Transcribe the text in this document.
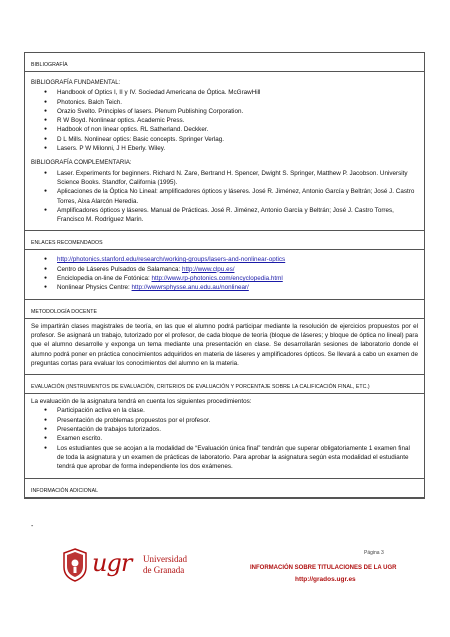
BIBLIOGRAFÍA
BIBLIOGRAFÍA FUNDAMENTAL:
● Handbook of Optics I, II y IV. Sociedad Americana de Óptica. McGrawHill
● Photonics. Balch Teich.
● Orazio Svelto. Principles of lasers. Plenum Publishing Corporation.
● R W Boyd. Nonlinear optics. Academic Press.
● Hadbook of non linear optics. RL Satherland. Deckker.
● D L Mills. Nonlinear optics: Basic concepts. Springer Verlag.
● Lasers. P W Milonni, J H Eberly. Wiley.
BIBLIOGRAFÍA COMPLEMENTARIA:
● Laser. Experiments for beginners. Richard N. Zare, Bertrand H. Spencer, Dwight S. Springer, Matthew P. Jacobson. University Science Books. Standfor, California (1995).
● Aplicaciones de la Óptica No Lineal: amplificadores ópticos y láseres. José R. Jiménez, Antonio García y Beltrán; José J. Castro Torres, Aixa Alarcón Heredia.
● Amplificadores ópticos y láseres. Manual de Prácticas. José R. Jiménez, Antonio García y Beltrán; José J. Castro Torres, Francisco M. Rodríguez Marín.
ENLACES RECOMENDADOS
● http://photonics.stanford.edu/research/working-groups/lasers-and-nonlinear-optics
● Centro de Láseres Pulsados de Salamanca: http://www.clpu.es/
● Enciclopedia on-line de Fotónica: http://www.rp-photonics.com/encyclopedia.html
● Nonlinear Physics Centre: http://wwwrsphysse.anu.edu.au/nonlinear/
METODOLOGÍA DOCENTE
Se impartirán clases magistrales de teoría, en las que el alumno podrá participar mediante la resolución de ejercicios propuestos por el profesor. Se asignará un trabajo, tutorizado por el profesor, de cada bloque de teoría (bloque de láseres; y bloque de óptica no lineal) para que el alumno desarrolle y exponga un tema mediante una presentación en clase. Se desarrollarán sesiones de laboratorio donde el alumno podrá poner en práctica conocimientos adquiridos en materia de láseres y amplificadores ópticos. Se llevará a cabo un examen de preguntas cortas para evaluar los conocimientos del alumno en la materia.
EVALUACIÓN (INSTRUMENTOS DE EVALUACIÓN, CRITERIOS DE EVALUACIÓN Y PORCENTAJE SOBRE LA CALIFICACIÓN FINAL, ETC.)
La evaluación de la asignatura tendrá en cuenta los siguientes procedimientos:
● Participación activa en la clase.
● Presentación de problemas propuestos por el profesor.
● Presentación de trabajos tutorizados.
● Examen escrito.
● Los estudiantes que se acojan a la modalidad de “Evaluación única final” tendrán que superar obligatoriamente 1 examen final de toda la asignatura y un examen de prácticas de laboratorio. Para aprobar la asignatura según esta modalidad el estudiante tendrá que aprobar de forma independiente los dos exámenes.
INFORMACIÓN ADICIONAL
-
Página 3
ugr Universidad
de Granada	INFORMACIÓN SOBRE TITULACIONES DE LA UGR
http://grados.ugr.es
